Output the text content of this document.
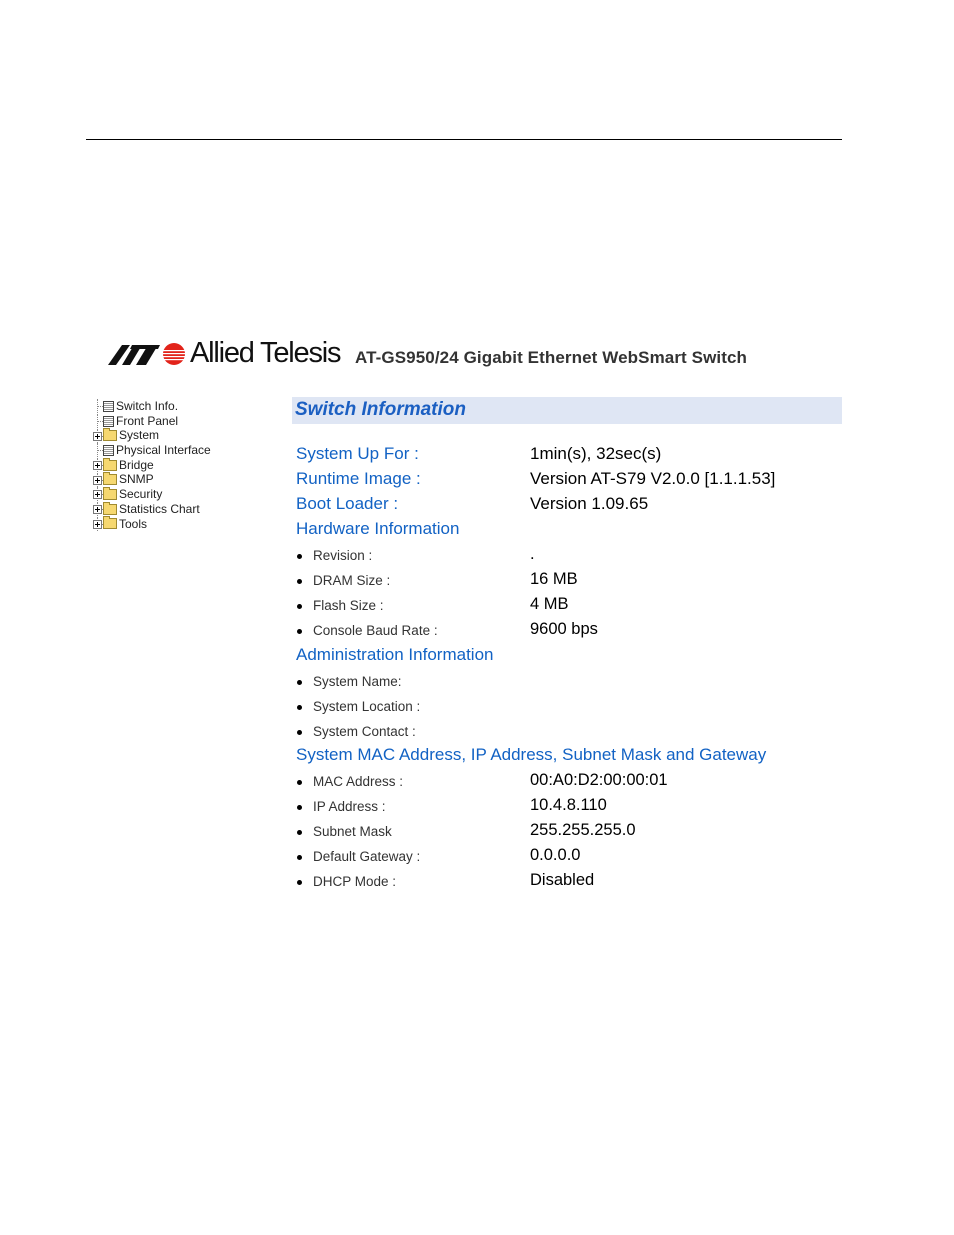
Allied Telesis AT-GS950/24 Gigabit Ethernet WebSmart Switch
Switch Info.
Front Panel
System
Physical Interface
Bridge
SNMP
Security
Statistics Chart
Tools
Switch Information
System Up For :	1min(s), 32sec(s)
Runtime Image :	Version AT-S79 V2.0.0 [1.1.1.53]
Boot Loader :	Version 1.09.65
Hardware Information
Revision :	.
DRAM Size :	16 MB
Flash Size :	4 MB
Console Baud Rate :	9600 bps
Administration Information
System Name:
System Location :
System Contact :
System MAC Address, IP Address, Subnet Mask and Gateway
MAC Address :	00:A0:D2:00:00:01
IP Address :	10.4.8.110
Subnet Mask	255.255.255.0
Default Gateway :	0.0.0.0
DHCP Mode :	Disabled
